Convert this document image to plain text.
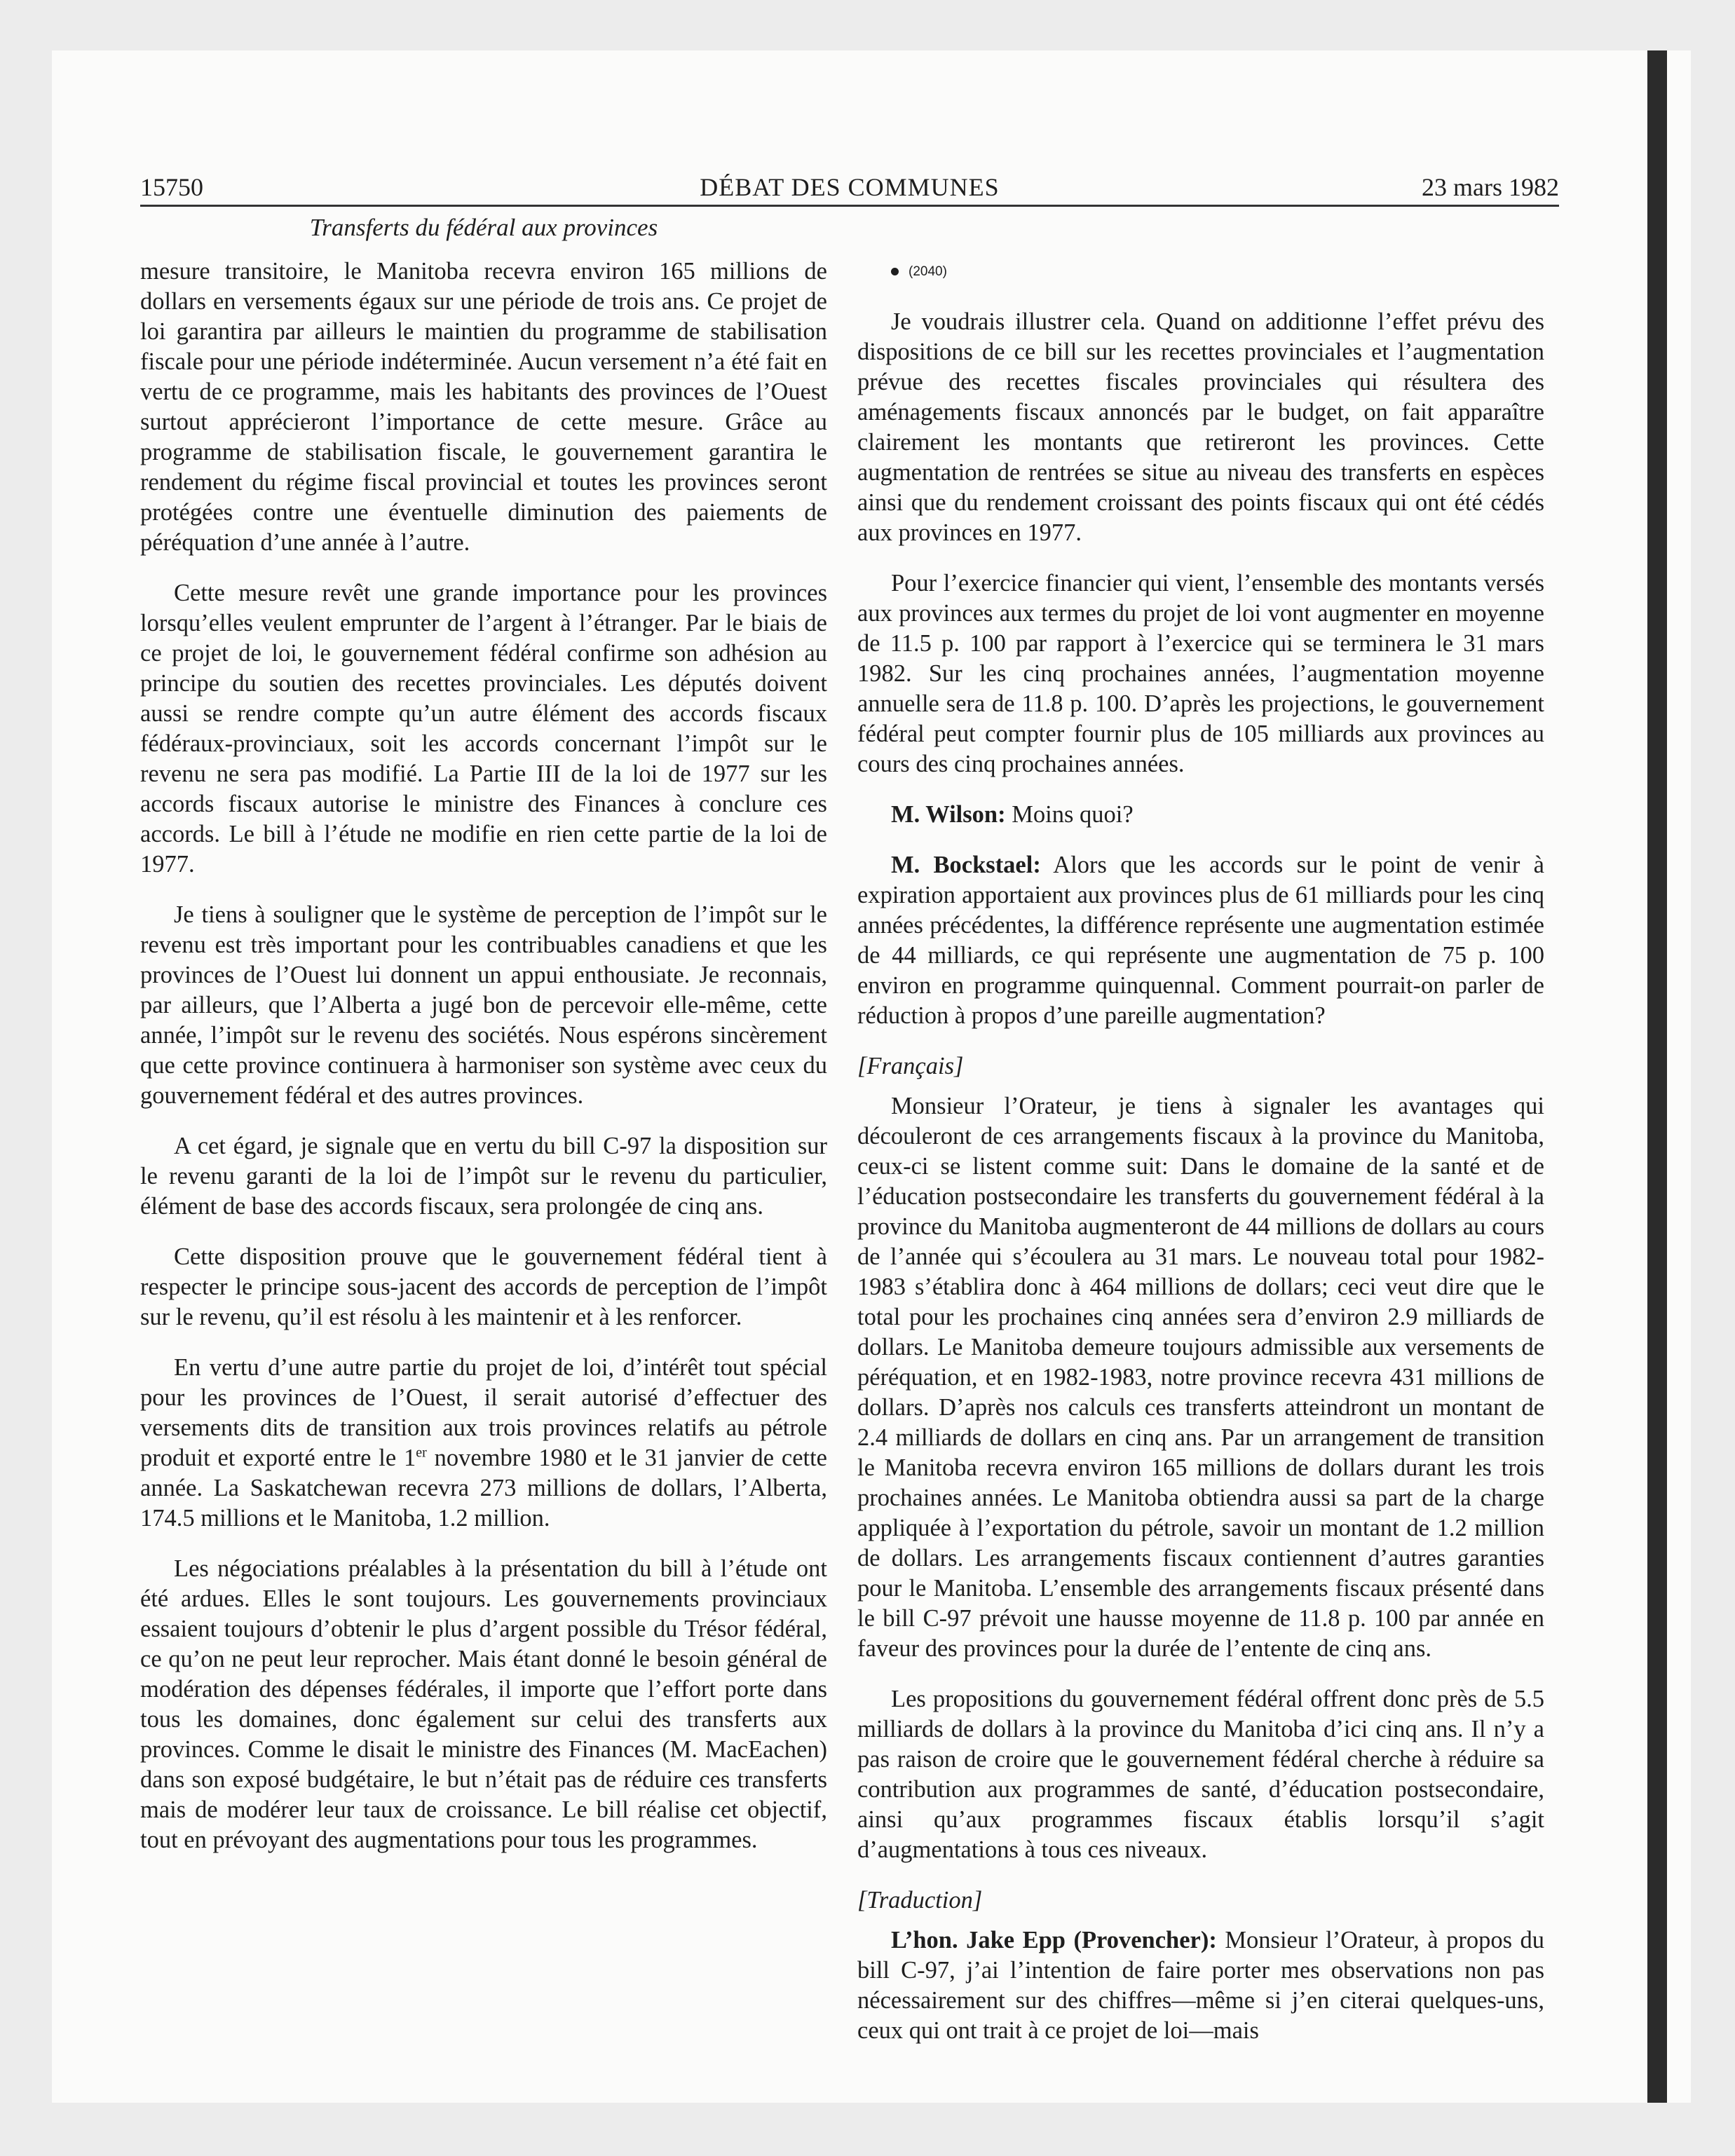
15750	DÉBAT DES COMMUNES	23 mars 1982
Transferts du fédéral aux provinces

mesure transitoire, le Manitoba recevra environ 165 millions de dollars en versements égaux sur une période de trois ans. Ce projet de loi garantira par ailleurs le maintien du programme de stabilisation fiscale pour une période indéterminée. Aucun versement n’a été fait en vertu de ce programme, mais les habitants des provinces de l’Ouest surtout apprécieront l’importance de cette mesure. Grâce au programme de stabilisation fiscale, le gouvernement garantira le rendement du régime fiscal provincial et toutes les provinces seront protégées contre une éventuelle diminution des paiements de péréquation d’une année à l’autre.

Cette mesure revêt une grande importance pour les provinces lorsqu’elles veulent emprunter de l’argent à l’étranger. Par le biais de ce projet de loi, le gouvernement fédéral confirme son adhésion au principe du soutien des recettes provinciales. Les députés doivent aussi se rendre compte qu’un autre élément des accords fiscaux fédéraux-provinciaux, soit les accords concernant l’impôt sur le revenu ne sera pas modifié. La Partie III de la loi de 1977 sur les accords fiscaux autorise le ministre des Finances à conclure ces accords. Le bill à l’étude ne modifie en rien cette partie de la loi de 1977.

Je tiens à souligner que le système de perception de l’impôt sur le revenu est très important pour les contribuables canadiens et que les provinces de l’Ouest lui donnent un appui enthousiate. Je reconnais, par ailleurs, que l’Alberta a jugé bon de percevoir elle-même, cette année, l’impôt sur le revenu des sociétés. Nous espérons sincèrement que cette province continuera à harmoniser son système avec ceux du gouvernement fédéral et des autres provinces.

A cet égard, je signale que en vertu du bill C-97 la disposition sur le revenu garanti de la loi de l’impôt sur le revenu du particulier, élément de base des accords fiscaux, sera prolongée de cinq ans.

Cette disposition prouve que le gouvernement fédéral tient à respecter le principe sous-jacent des accords de perception de l’impôt sur le revenu, qu’il est résolu à les maintenir et à les renforcer.

En vertu d’une autre partie du projet de loi, d’intérêt tout spécial pour les provinces de l’Ouest, il serait autorisé d’effectuer des versements dits de transition aux trois provinces relatifs au pétrole produit et exporté entre le 1er novembre 1980 et le 31 janvier de cette année. La Saskatchewan recevra 273 millions de dollars, l’Alberta, 174.5 millions et le Manitoba, 1.2 million.

Les négociations préalables à la présentation du bill à l’étude ont été ardues. Elles le sont toujours. Les gouvernements provinciaux essaient toujours d’obtenir le plus d’argent possible du Trésor fédéral, ce qu’on ne peut leur reprocher. Mais étant donné le besoin général de modération des dépenses fédérales, il importe que l’effort porte dans tous les domaines, donc également sur celui des transferts aux provinces. Comme le disait le ministre des Finances (M. MacEachen) dans son exposé budgétaire, le but n’était pas de réduire ces transferts mais de modérer leur taux de croissance. Le bill réalise cet objectif, tout en prévoyant des augmentations pour tous les programmes.

(2040)

Je voudrais illustrer cela. Quand on additionne l’effet prévu des dispositions de ce bill sur les recettes provinciales et l’augmentation prévue des recettes fiscales provinciales qui résultera des aménagements fiscaux annoncés par le budget, on fait apparaître clairement les montants que retireront les provinces. Cette augmentation de rentrées se situe au niveau des transferts en espèces ainsi que du rendement croissant des points fiscaux qui ont été cédés aux provinces en 1977.

Pour l’exercice financier qui vient, l’ensemble des montants versés aux provinces aux termes du projet de loi vont augmenter en moyenne de 11.5 p. 100 par rapport à l’exercice qui se terminera le 31 mars 1982. Sur les cinq prochaines années, l’augmentation moyenne annuelle sera de 11.8 p. 100. D’après les projections, le gouvernement fédéral peut compter fournir plus de 105 milliards aux provinces au cours des cinq prochaines années.

M. Wilson: Moins quoi?

M. Bockstael: Alors que les accords sur le point de venir à expiration apportaient aux provinces plus de 61 milliards pour les cinq années précédentes, la différence représente une augmentation estimée de 44 milliards, ce qui représente une augmentation de 75 p. 100 environ en programme quinquennal. Comment pourrait-on parler de réduction à propos d’une pareille augmentation?

[Français]

Monsieur l’Orateur, je tiens à signaler les avantages qui découleront de ces arrangements fiscaux à la province du Manitoba, ceux-ci se listent comme suit: Dans le domaine de la santé et de l’éducation postsecondaire les transferts du gouvernement fédéral à la province du Manitoba augmenteront de 44 millions de dollars au cours de l’année qui s’écoulera au 31 mars. Le nouveau total pour 1982-1983 s’établira donc à 464 millions de dollars; ceci veut dire que le total pour les prochaines cinq années sera d’environ 2.9 milliards de dollars. Le Manitoba demeure toujours admissible aux versements de péréquation, et en 1982-1983, notre province recevra 431 millions de dollars. D’après nos calculs ces transferts atteindront un montant de 2.4 milliards de dollars en cinq ans. Par un arrangement de transition le Manitoba recevra environ 165 millions de dollars durant les trois prochaines années. Le Manitoba obtiendra aussi sa part de la charge appliquée à l’exportation du pétrole, savoir un montant de 1.2 million de dollars. Les arrangements fiscaux contiennent d’autres garanties pour le Manitoba. L’ensemble des arrangements fiscaux présenté dans le bill C-97 prévoit une hausse moyenne de 11.8 p. 100 par année en faveur des provinces pour la durée de l’entente de cinq ans.

Les propositions du gouvernement fédéral offrent donc près de 5.5 milliards de dollars à la province du Manitoba d’ici cinq ans. Il n’y a pas raison de croire que le gouvernement fédéral cherche à réduire sa contribution aux programmes de santé, d’éducation postsecondaire, ainsi qu’aux programmes fiscaux établis lorsqu’il s’agit d’augmentations à tous ces niveaux.

[Traduction]

L’hon. Jake Epp (Provencher): Monsieur l’Orateur, à propos du bill C-97, j’ai l’intention de faire porter mes observations non pas nécessairement sur des chiffres—même si j’en citerai quelques-uns, ceux qui ont trait à ce projet de loi—mais
